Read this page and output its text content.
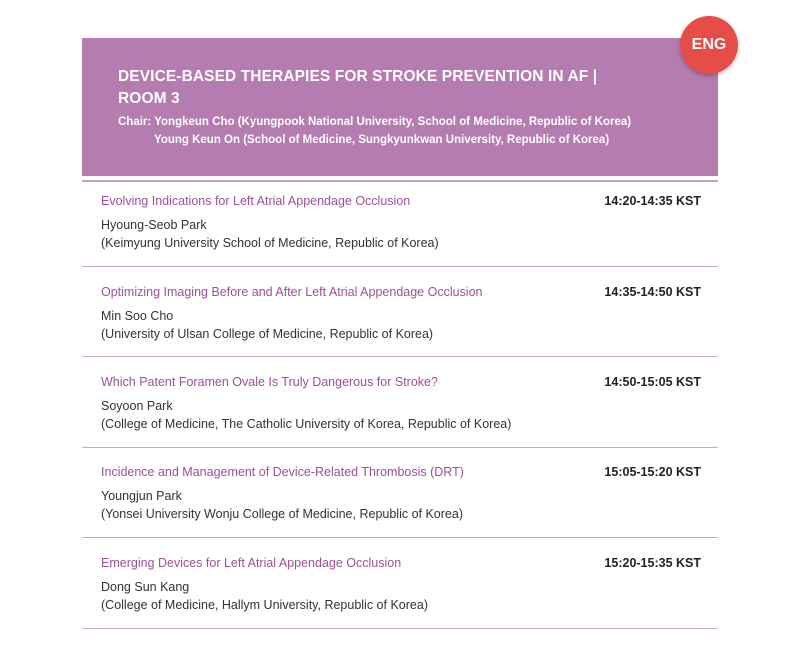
DEVICE-BASED THERAPIES FOR STROKE PREVENTION IN AF | ROOM 3
Chair: Yongkeun Cho (Kyungpook National University, School of Medicine, Republic of Korea)
Young Keun On (School of Medicine, Sungkyunkwan University, Republic of Korea)
ENG
Evolving Indications for Left Atrial Appendage Occlusion	14:20-14:35 KST
Hyoung-Seob Park
(Keimyung University School of Medicine, Republic of Korea)
Optimizing Imaging Before and After Left Atrial Appendage Occlusion	14:35-14:50 KST
Min Soo Cho
(University of Ulsan College of Medicine, Republic of Korea)
Which Patent Foramen Ovale Is Truly Dangerous for Stroke?	14:50-15:05 KST
Soyoon Park
(College of Medicine, The Catholic University of Korea, Republic of Korea)
Incidence and Management of Device-Related Thrombosis (DRT)	15:05-15:20 KST
Youngjun Park
(Yonsei University Wonju College of Medicine, Republic of Korea)
Emerging Devices for Left Atrial Appendage Occlusion	15:20-15:35 KST
Dong Sun Kang
(College of Medicine, Hallym University, Republic of Korea)
